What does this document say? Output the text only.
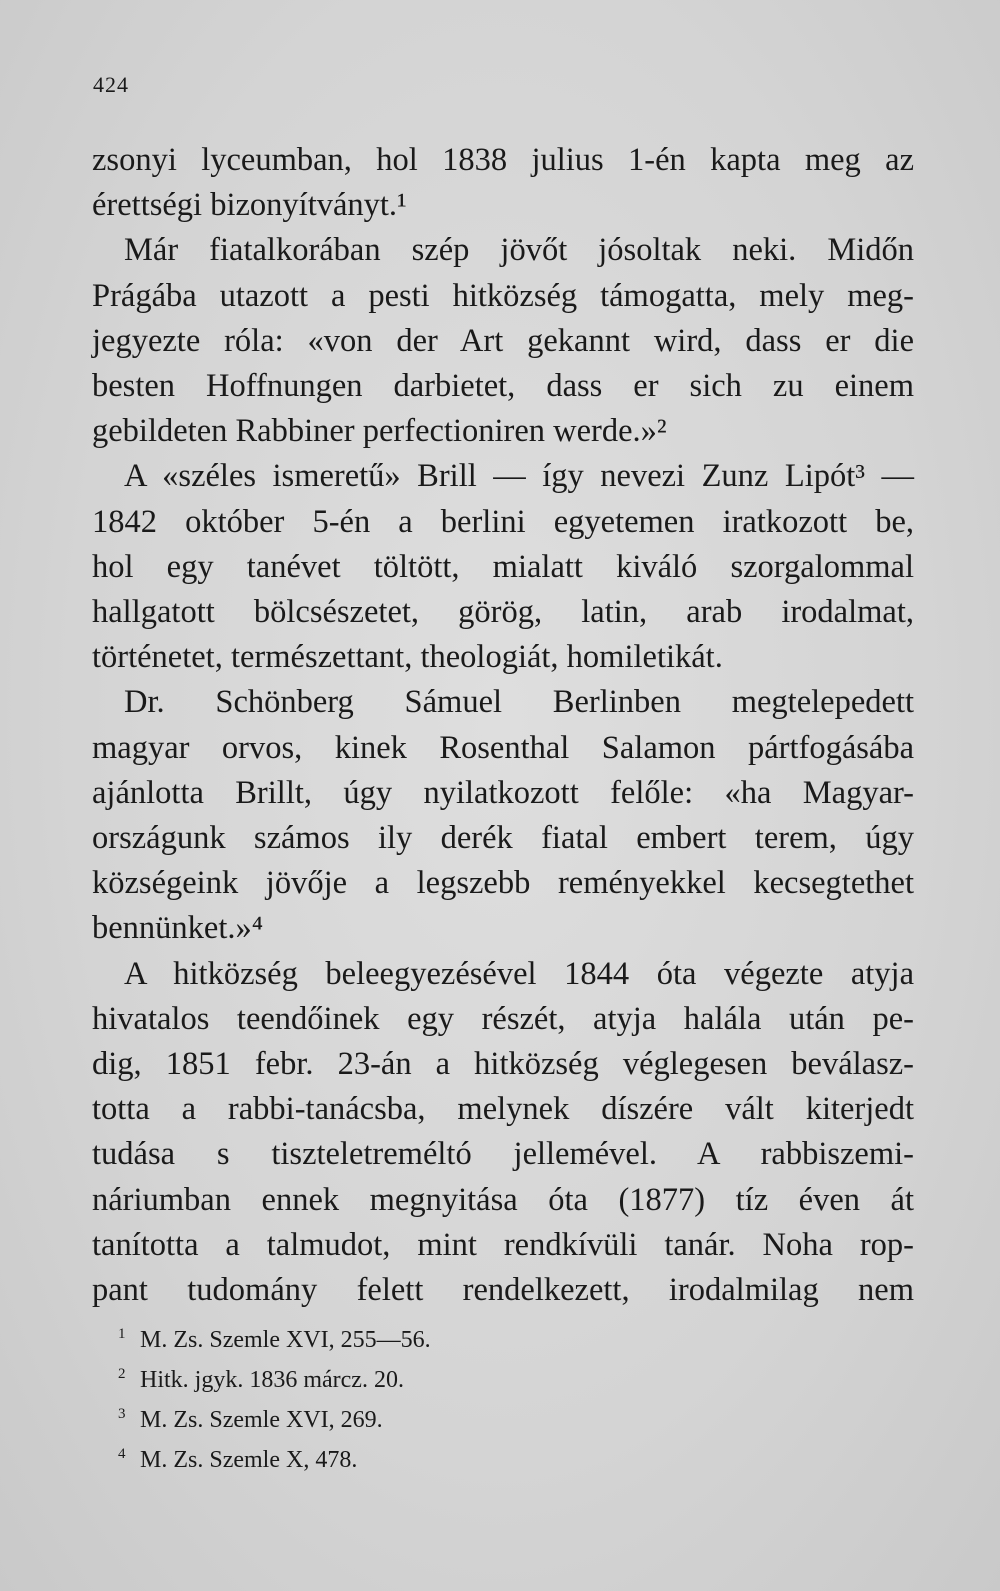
424
zsonyi lyceumban, hol 1838 julius 1-én kapta meg az
érettségi bizonyítványt.¹
Már fiatalkorában szép jövőt jósoltak neki. Midőn
Prágába utazott a pesti hitközség támogatta, mely meg-
jegyezte róla: «von der Art gekannt wird, dass er die
besten Hoffnungen darbietet, dass er sich zu einem
gebildeten Rabbiner perfectioniren werde.»²
A «széles ismeretű» Brill — így nevezi Zunz Lipót³ —
1842 október 5-én a berlini egyetemen iratkozott be,
hol egy tanévet töltött, mialatt kiváló szorgalommal
hallgatott bölcsészetet, görög, latin, arab irodalmat,
történetet, természettant, theologiát, homiletikát.
Dr. Schönberg Sámuel Berlinben megtelepedett
magyar orvos, kinek Rosenthal Salamon pártfogásába
ajánlotta Brillt, úgy nyilatkozott felőle: «ha Magyar-
országunk számos ily derék fiatal embert terem, úgy
községeink jövője a legszebb reményekkel kecsegtethet
bennünket.»⁴
A hitközség beleegyezésével 1844 óta végezte atyja
hivatalos teendőinek egy részét, atyja halála után pe-
dig, 1851 febr. 23-án a hitközség véglegesen beválasz-
totta a rabbi-tanácsba, melynek díszére vált kiterjedt
tudása s tiszteletreméltó jellemével. A rabbiszemi-
náriumban ennek megnyitása óta (1877) tíz éven át
tanította a talmudot, mint rendkívüli tanár. Noha rop-
pant tudomány felett rendelkezett, irodalmilag nem
1 M. Zs. Szemle XVI, 255—56.
2 Hitk. jgyk. 1836 márcz. 20.
3 M. Zs. Szemle XVI, 269.
4 M. Zs. Szemle X, 478.
